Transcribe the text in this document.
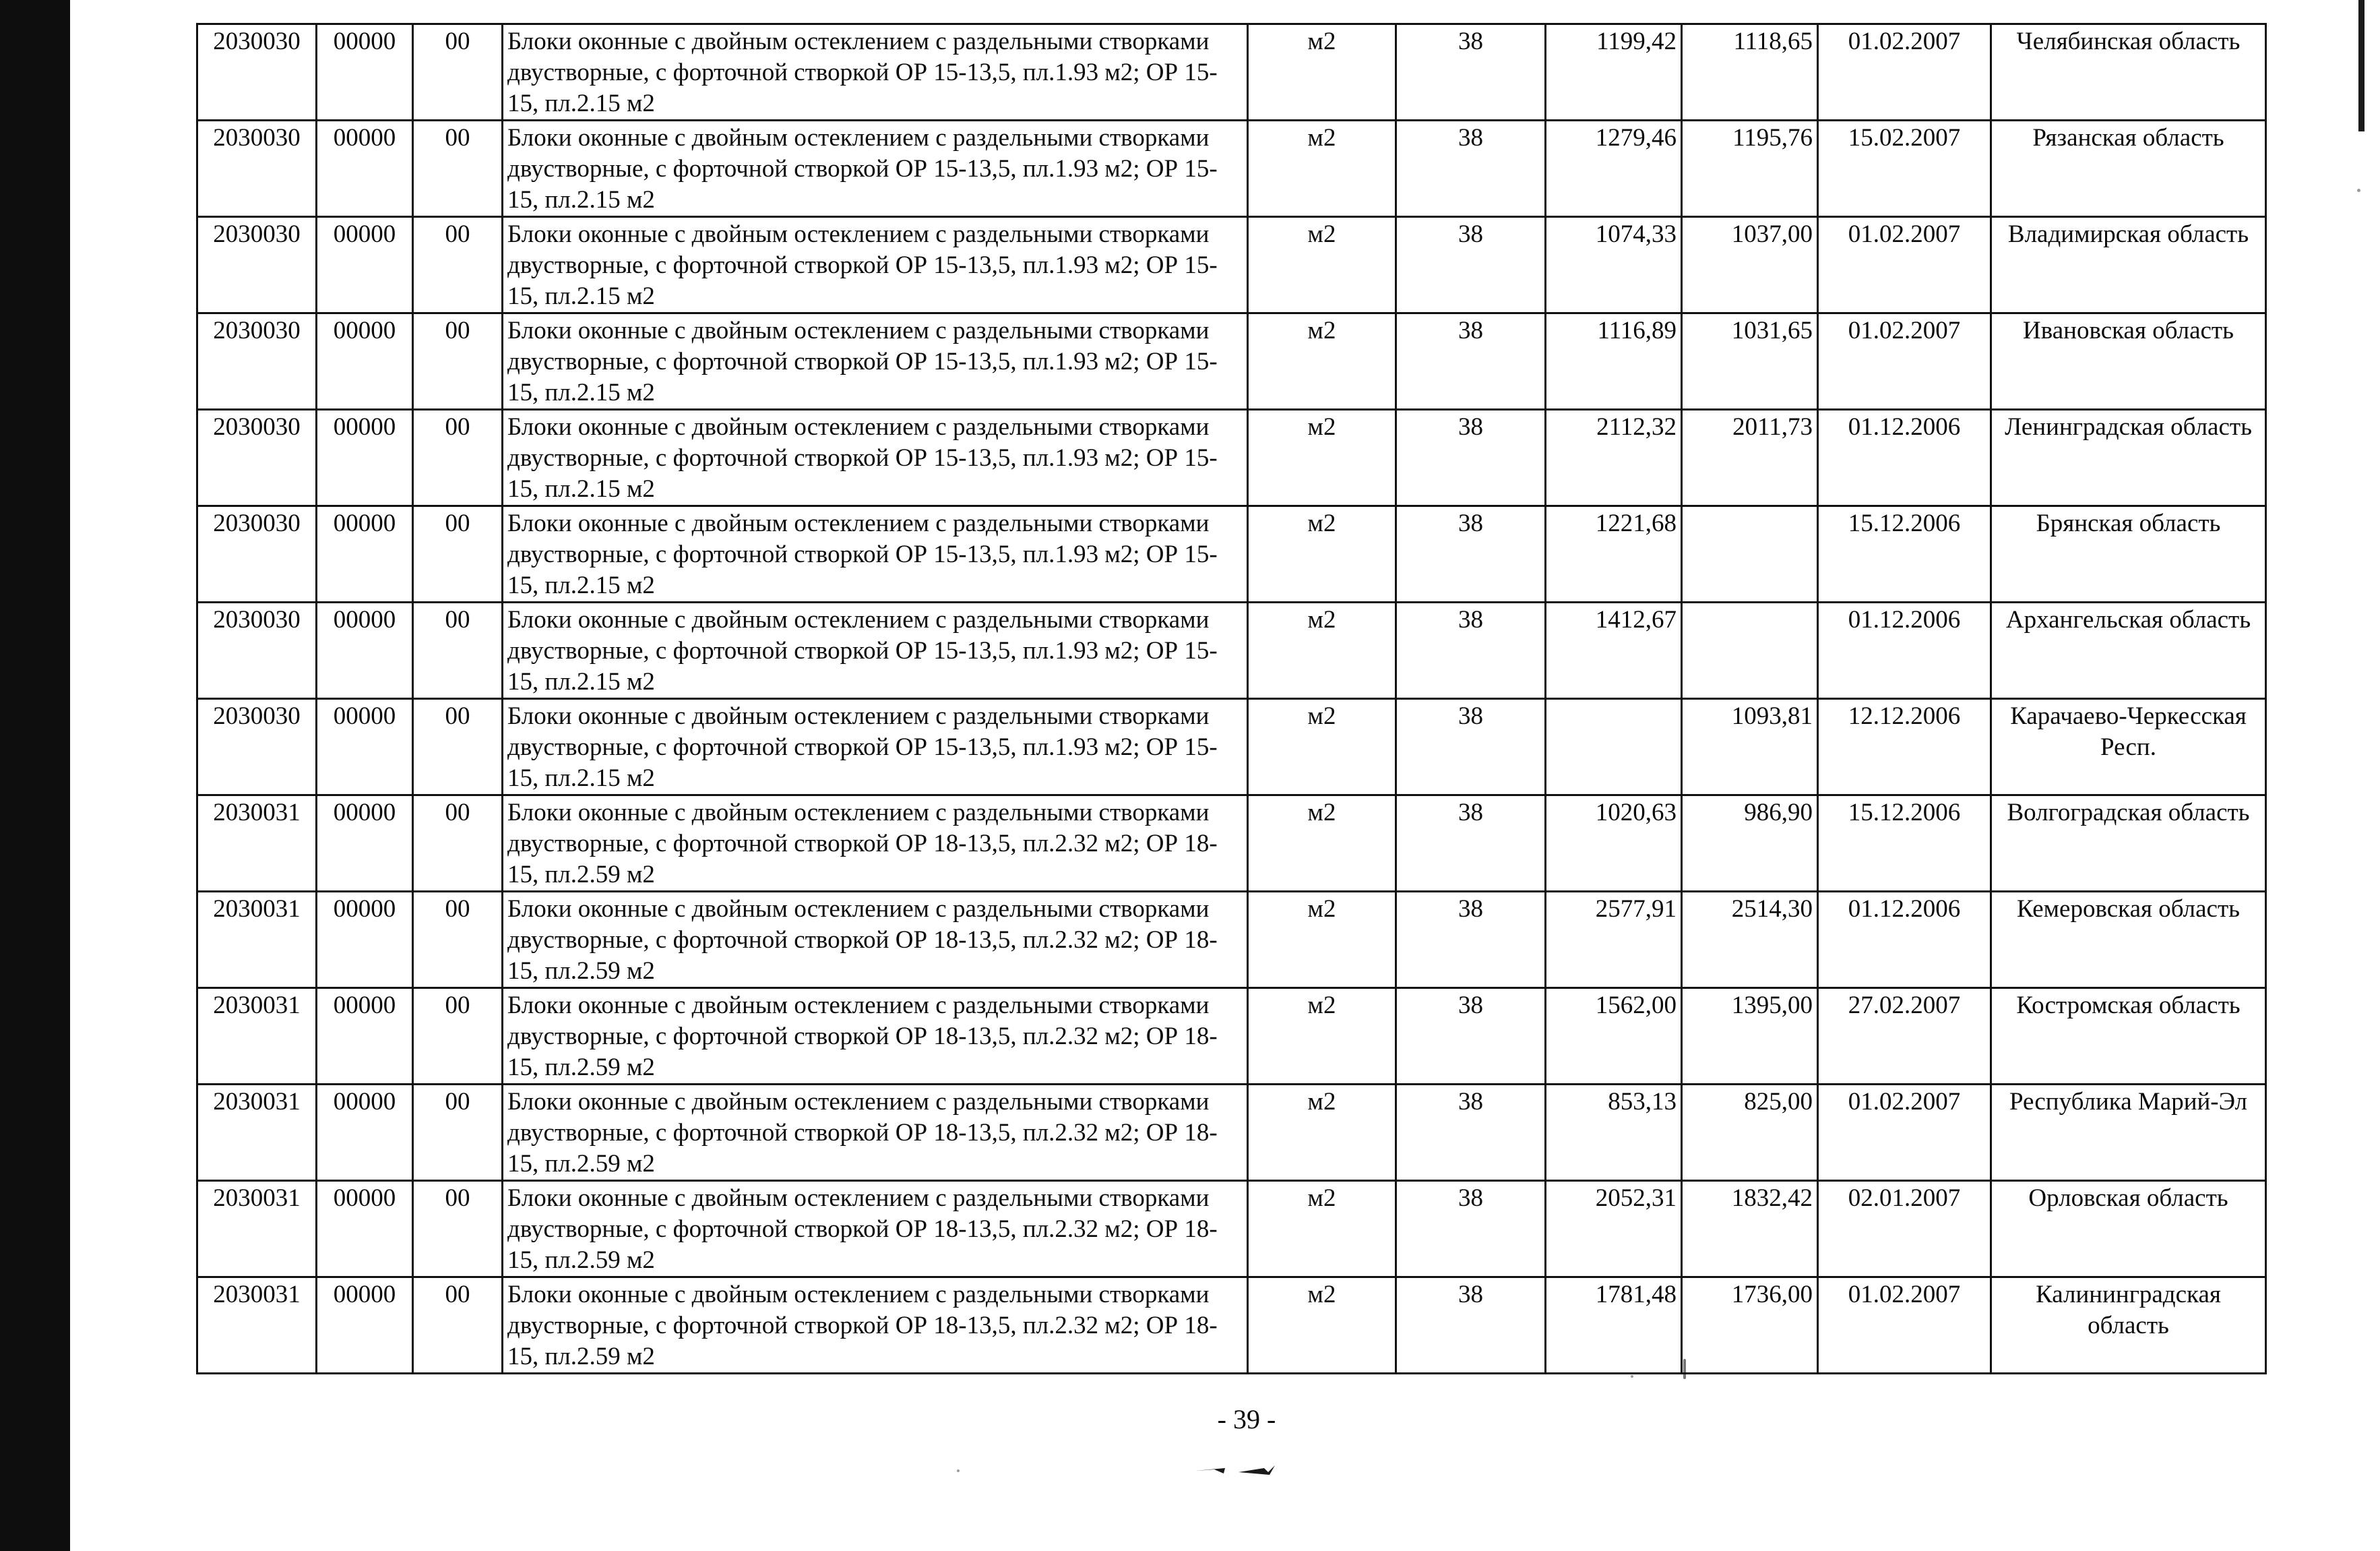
2030030	00000	00	Блоки оконные с двойным остеклением с раздельными створками двустворные, с форточной створкой ОР 15-13,5, пл.1.93 м2; ОР 15-15, пл.2.15 м2	м2	38	1199,42	1118,65	01.02.2007	Челябинская область
2030030	00000	00	Блоки оконные с двойным остеклением с раздельными створками двустворные, с форточной створкой ОР 15-13,5, пл.1.93 м2; ОР 15-15, пл.2.15 м2	м2	38	1279,46	1195,76	15.02.2007	Рязанская область
2030030	00000	00	Блоки оконные с двойным остеклением с раздельными створками двустворные, с форточной створкой ОР 15-13,5, пл.1.93 м2; ОР 15-15, пл.2.15 м2	м2	38	1074,33	1037,00	01.02.2007	Владимирская область
2030030	00000	00	Блоки оконные с двойным остеклением с раздельными створками двустворные, с форточной створкой ОР 15-13,5, пл.1.93 м2; ОР 15-15, пл.2.15 м2	м2	38	1116,89	1031,65	01.02.2007	Ивановская область
2030030	00000	00	Блоки оконные с двойным остеклением с раздельными створками двустворные, с форточной створкой ОР 15-13,5, пл.1.93 м2; ОР 15-15, пл.2.15 м2	м2	38	2112,32	2011,73	01.12.2006	Ленинградская область
2030030	00000	00	Блоки оконные с двойным остеклением с раздельными створками двустворные, с форточной створкой ОР 15-13,5, пл.1.93 м2; ОР 15-15, пл.2.15 м2	м2	38	1221,68		15.12.2006	Брянская область
2030030	00000	00	Блоки оконные с двойным остеклением с раздельными створками двустворные, с форточной створкой ОР 15-13,5, пл.1.93 м2; ОР 15-15, пл.2.15 м2	м2	38	1412,67		01.12.2006	Архангельская область
2030030	00000	00	Блоки оконные с двойным остеклением с раздельными створками двустворные, с форточной створкой ОР 15-13,5, пл.1.93 м2; ОР 15-15, пл.2.15 м2	м2	38		1093,81	12.12.2006	Карачаево-Черкесская Респ.
2030031	00000	00	Блоки оконные с двойным остеклением с раздельными створками двустворные, с форточной створкой ОР 18-13,5, пл.2.32 м2; ОР 18-15, пл.2.59 м2	м2	38	1020,63	986,90	15.12.2006	Волгоградская область
2030031	00000	00	Блоки оконные с двойным остеклением с раздельными створками двустворные, с форточной створкой ОР 18-13,5, пл.2.32 м2; ОР 18-15, пл.2.59 м2	м2	38	2577,91	2514,30	01.12.2006	Кемеровская область
2030031	00000	00	Блоки оконные с двойным остеклением с раздельными створками двустворные, с форточной створкой ОР 18-13,5, пл.2.32 м2; ОР 18-15, пл.2.59 м2	м2	38	1562,00	1395,00	27.02.2007	Костромская область
2030031	00000	00	Блоки оконные с двойным остеклением с раздельными створками двустворные, с форточной створкой ОР 18-13,5, пл.2.32 м2; ОР 18-15, пл.2.59 м2	м2	38	853,13	825,00	01.02.2007	Республика Марий-Эл
2030031	00000	00	Блоки оконные с двойным остеклением с раздельными створками двустворные, с форточной створкой ОР 18-13,5, пл.2.32 м2; ОР 18-15, пл.2.59 м2	м2	38	2052,31	1832,42	02.01.2007	Орловская область
2030031	00000	00	Блоки оконные с двойным остеклением с раздельными створками двустворные, с форточной створкой ОР 18-13,5, пл.2.32 м2; ОР 18-15, пл.2.59 м2	м2	38	1781,48	1736,00	01.02.2007	Калининградская область
- 39 -
